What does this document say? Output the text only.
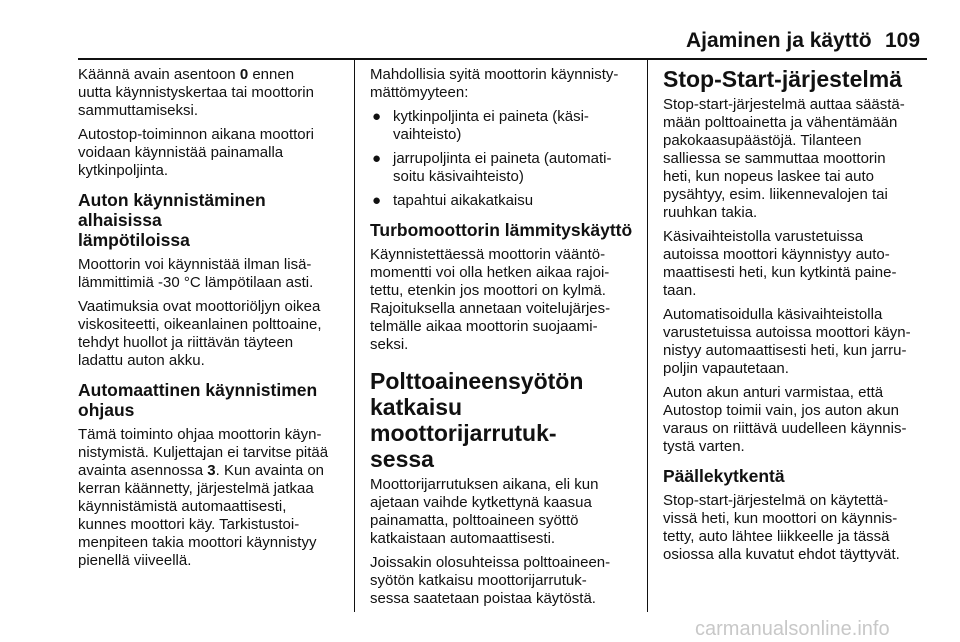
Ajaminen ja käyttö 109

Käännä avain asentoon 0 ennen
uutta käynnistyskertaa tai moottorin
sammuttamiseksi.

Autostop-toiminnon aikana moottori
voidaan käynnistää painamalla
kytkinpoljinta.

Auton käynnistäminen alhaisissa
lämpötiloissa

Moottorin voi käynnistää ilman lisä-
lämmittimiä -30 °C lämpötilaan asti.

Vaatimuksia ovat moottoriöljyn oikea
viskositeetti, oikeanlainen polttoaine,
tehdyt huollot ja riittävän täyteen
ladattu auton akku.

Automaattinen käynnistimen
ohjaus

Tämä toiminto ohjaa moottorin käyn-
nistymistä. Kuljettajan ei tarvitse pitää
avainta asennossa 3. Kun avainta on
kerran käännetty, järjestelmä jatkaa
käynnistämistä automaattisesti,
kunnes moottori käy. Tarkistustoi-
menpiteen takia moottori käynnistyy
pienellä viiveellä.

Mahdollisia syitä moottorin käynnisty-
mättömyyteen:

● kytkinpoljinta ei paineta (käsi-
vaihteisto)
● jarrupoljinta ei paineta (automati-
soitu käsivaihteisto)
● tapahtui aikakatkaisu
Turbomoottorin lämmityskäyttö

Käynnistettäessä moottorin vääntö-
momentti voi olla hetken aikaa rajoi-
tettu, etenkin jos moottori on kylmä.
Rajoituksella annetaan voitelujärjes-
telmälle aikaa moottorin suojaami-
seksi.

Polttoaineensyötön
katkaisu moottorijarrutuk-
sessa

Moottorijarrutuksen aikana, eli kun
ajetaan vaihde kytkettynä kaasua
painamatta, polttoaineen syöttö
katkaistaan automaattisesti.

Joissakin olosuhteissa polttoaineen-
syötön katkaisu moottorijarrutuk-
sessa saatetaan poistaa käytöstä.

Stop-Start-järjestelmä

Stop-start-järjestelmä auttaa säästä-
mään polttoainetta ja vähentämään
pakokaasupäästöjä. Tilanteen
salliessa se sammuttaa moottorin
heti, kun nopeus laskee tai auto
pysähtyy, esim. liikennevalojen tai
ruuhkan takia.

Käsivaihteistolla varustetuissa
autoissa moottori käynnistyy auto-
maattisesti heti, kun kytkintä paine-
taan.

Automatisoidulla käsivaihteistolla
varustetuissa autoissa moottori käyn-
nistyy automaattisesti heti, kun jarru-
poljin vapautetaan.

Auton akun anturi varmistaa, että
Autostop toimii vain, jos auton akun
varaus on riittävä uudelleen käynnis-
tystä varten.

Päällekytkentä

Stop-start-järjestelmä on käytettä-
vissä heti, kun moottori on käynnis-
tetty, auto lähtee liikkeelle ja tässä
osiossa alla kuvatut ehdot täyttyvät.

carmanualsonline.info
